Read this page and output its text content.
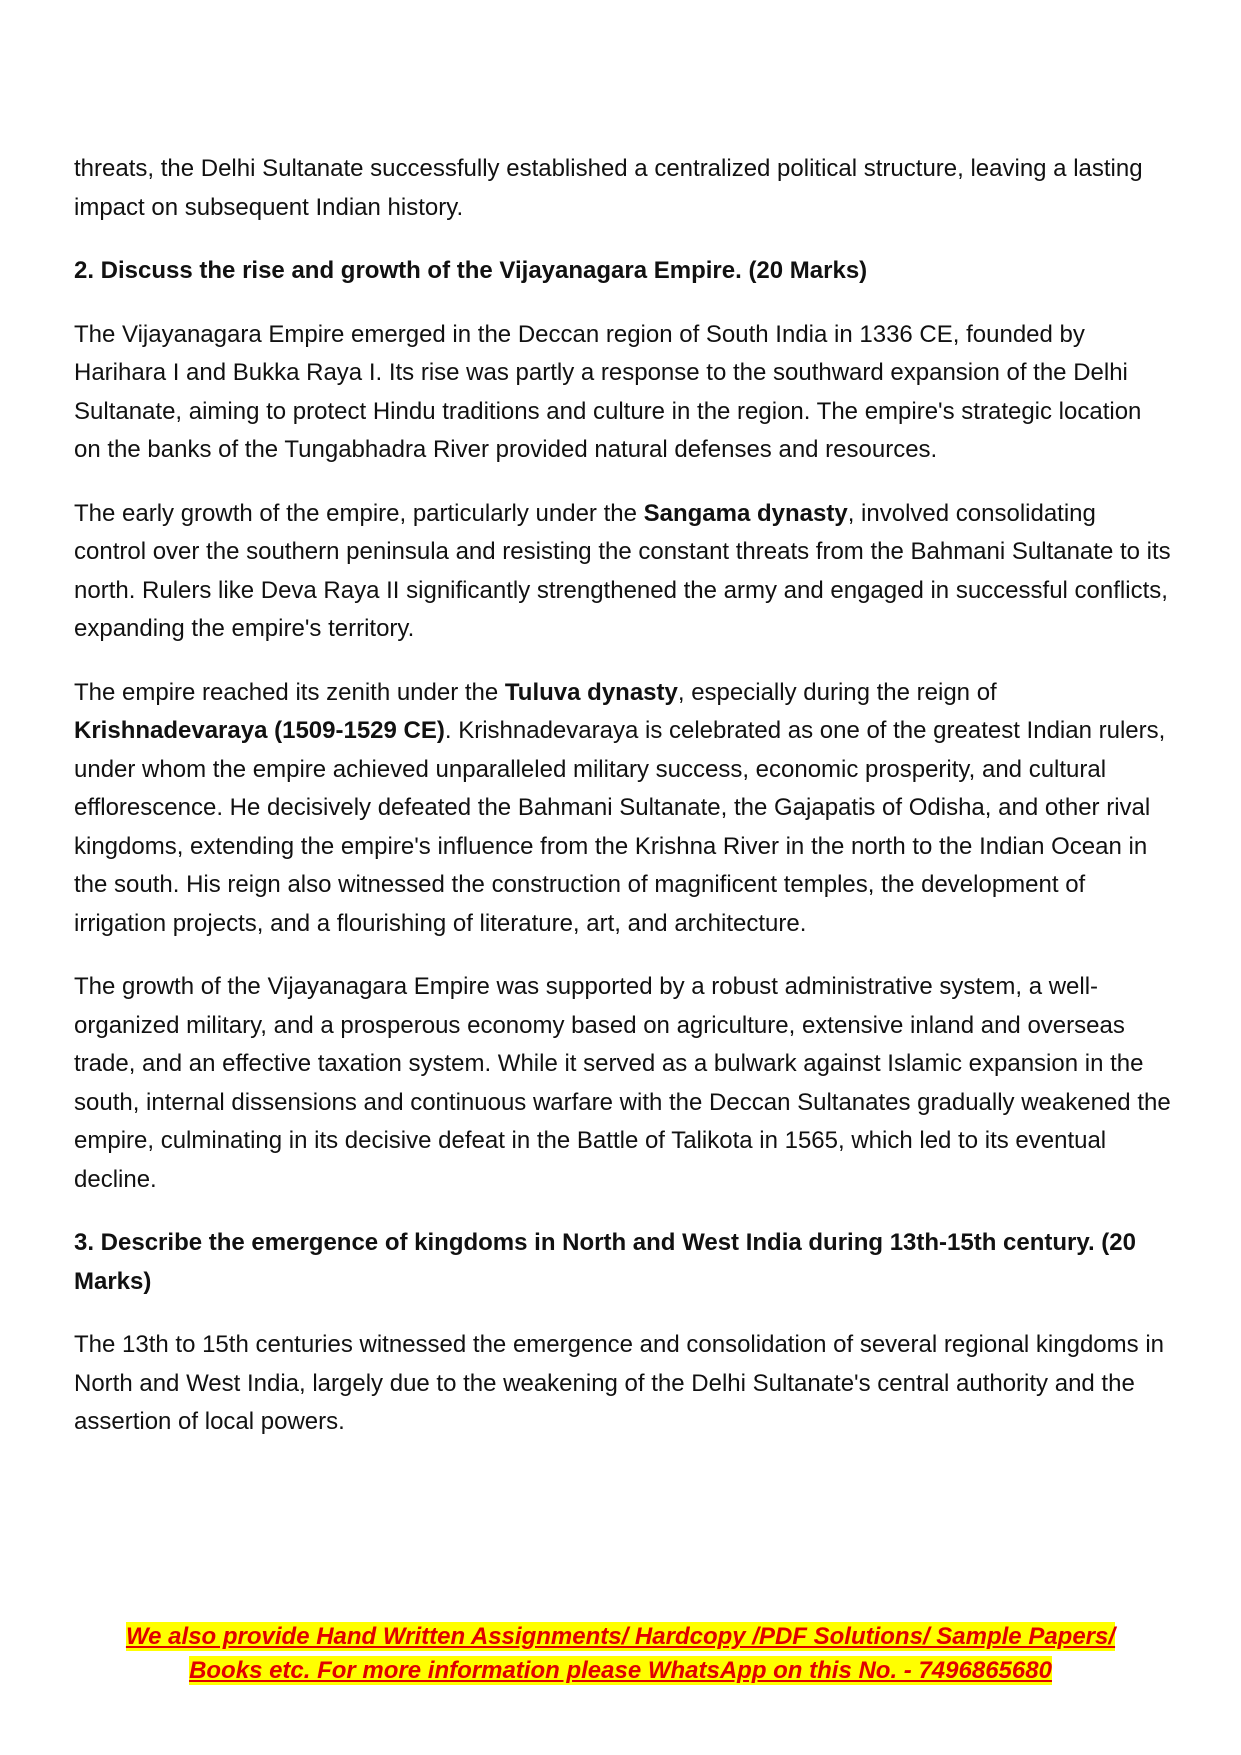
threats, the Delhi Sultanate successfully established a centralized political structure, leaving a lasting impact on subsequent Indian history.

2. Discuss the rise and growth of the Vijayanagara Empire. (20 Marks)

The Vijayanagara Empire emerged in the Deccan region of South India in 1336 CE, founded by Harihara I and Bukka Raya I. Its rise was partly a response to the southward expansion of the Delhi Sultanate, aiming to protect Hindu traditions and culture in the region. The empire's strategic location on the banks of the Tungabhadra River provided natural defenses and resources.

The early growth of the empire, particularly under the Sangama dynasty, involved consolidating control over the southern peninsula and resisting the constant threats from the Bahmani Sultanate to its north. Rulers like Deva Raya II significantly strengthened the army and engaged in successful conflicts, expanding the empire's territory.

The empire reached its zenith under the Tuluva dynasty, especially during the reign of Krishnadevaraya (1509-1529 CE). Krishnadevaraya is celebrated as one of the greatest Indian rulers, under whom the empire achieved unparalleled military success, economic prosperity, and cultural efflorescence. He decisively defeated the Bahmani Sultanate, the Gajapatis of Odisha, and other rival kingdoms, extending the empire's influence from the Krishna River in the north to the Indian Ocean in the south. His reign also witnessed the construction of magnificent temples, the development of irrigation projects, and a flourishing of literature, art, and architecture.

The growth of the Vijayanagara Empire was supported by a robust administrative system, a well-organized military, and a prosperous economy based on agriculture, extensive inland and overseas trade, and an effective taxation system. While it served as a bulwark against Islamic expansion in the south, internal dissensions and continuous warfare with the Deccan Sultanates gradually weakened the empire, culminating in its decisive defeat in the Battle of Talikota in 1565, which led to its eventual decline.

3. Describe the emergence of kingdoms in North and West India during 13th-15th century. (20 Marks)

The 13th to 15th centuries witnessed the emergence and consolidation of several regional kingdoms in North and West India, largely due to the weakening of the Delhi Sultanate's central authority and the assertion of local powers.

We also provide Hand Written Assignments/ Hardcopy /PDF Solutions/ Sample Papers/
Books etc. For more information please WhatsApp on this No. - 7496865680
